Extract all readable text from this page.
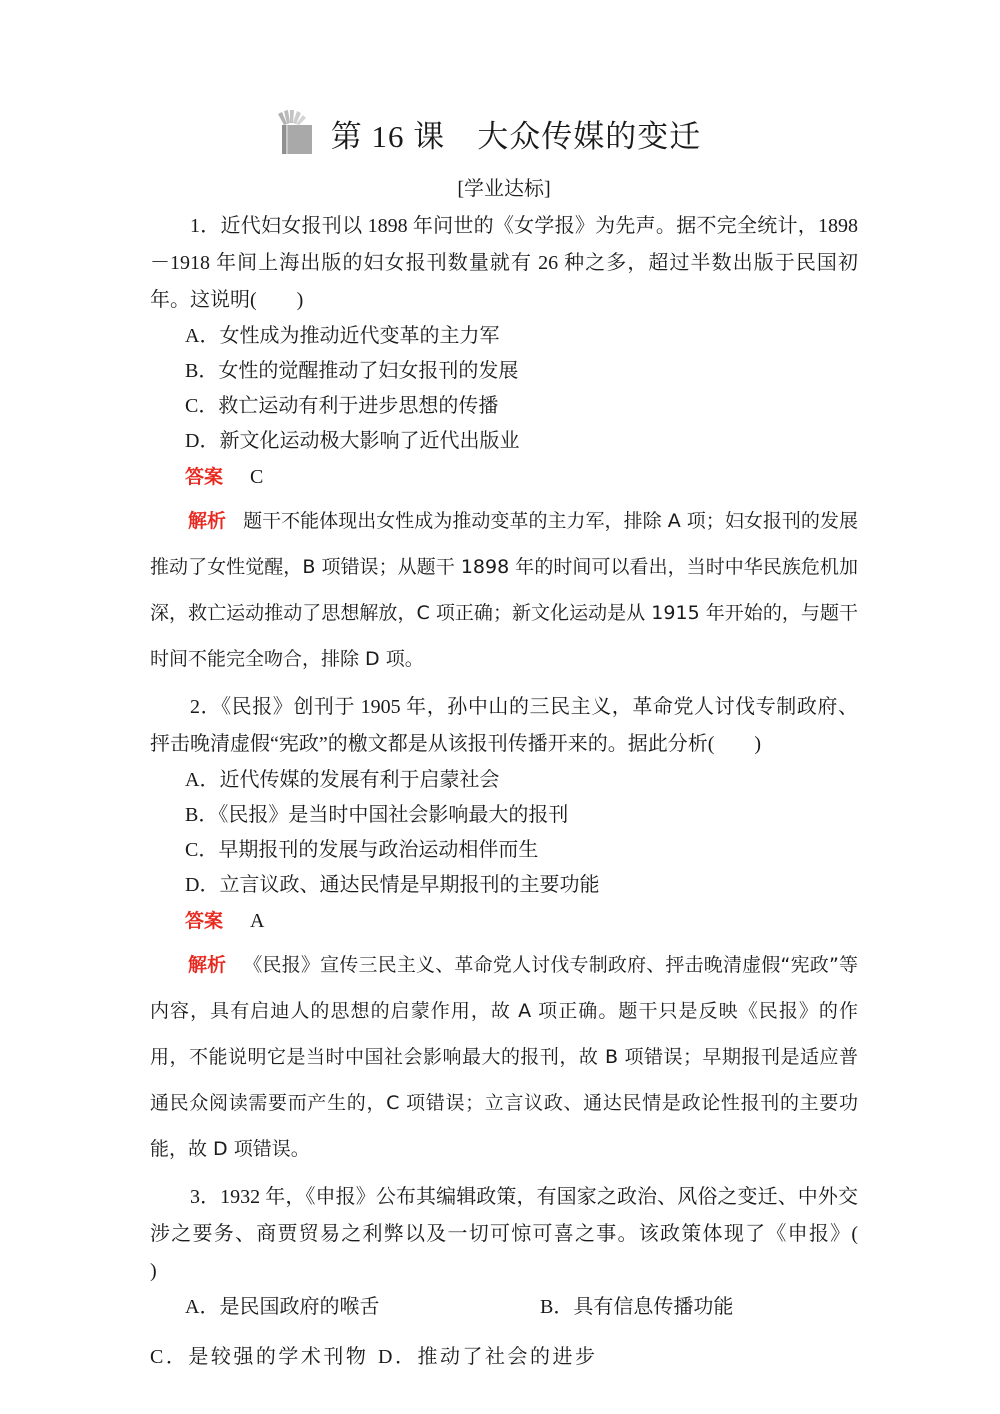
第 16 课　大众传媒的变迁
[学业达标]

1．近代妇女报刊以 1898 年问世的《女学报》为先声。据不完全统计，1898－1918 年间上海出版的妇女报刊数量就有 26 种之多，超过半数出版于民国初年。这说明(　　)

A．女性成为推动近代变革的主力军
B．女性的觉醒推动了妇女报刊的发展
C．救亡运动有利于进步思想的传播
D．新文化运动极大影响了近代出版业
答案 C

解析 题干不能体现出女性成为推动变革的主力军，排除 A 项；妇女报刊的发展推动了女性觉醒，B 项错误；从题干 1898 年的时间可以看出，当时中华民族危机加深，救亡运动推动了思想解放，C 项正确；新文化运动是从 1915 年开始的，与题干时间不能完全吻合，排除 D 项。

2．《民报》创刊于 1905 年，孙中山的三民主义，革命党人讨伐专制政府、抨击晚清虚假“宪政”的檄文都是从该报刊传播开来的。据此分析(　　)

A．近代传媒的发展有利于启蒙社会
B．《民报》是当时中国社会影响最大的报刊
C．早期报刊的发展与政治运动相伴而生
D．立言议政、通达民情是早期报刊的主要功能
答案 A

解析 《民报》宣传三民主义、革命党人讨伐专制政府、抨击晚清虚假“宪政”等内容，具有启迪人的思想的启蒙作用，故 A 项正确。题干只是反映《民报》的作用，不能说明它是当时中国社会影响最大的报刊，故 B 项错误；早期报刊是适应普通民众阅读需要而产生的，C 项错误；立言议政、通达民情是政论性报刊的主要功能，故 D 项错误。

3．1932 年，《申报》公布其编辑政策，有国家之政治、风俗之变迁、中外交涉之要务、商贾贸易之利弊以及一切可惊可喜之事。该政策体现了《申报》(　　)

A．是民国政府的喉舌	B．具有信息传播功能
C．是较强的学术刊物 D．推动了社会的进步
